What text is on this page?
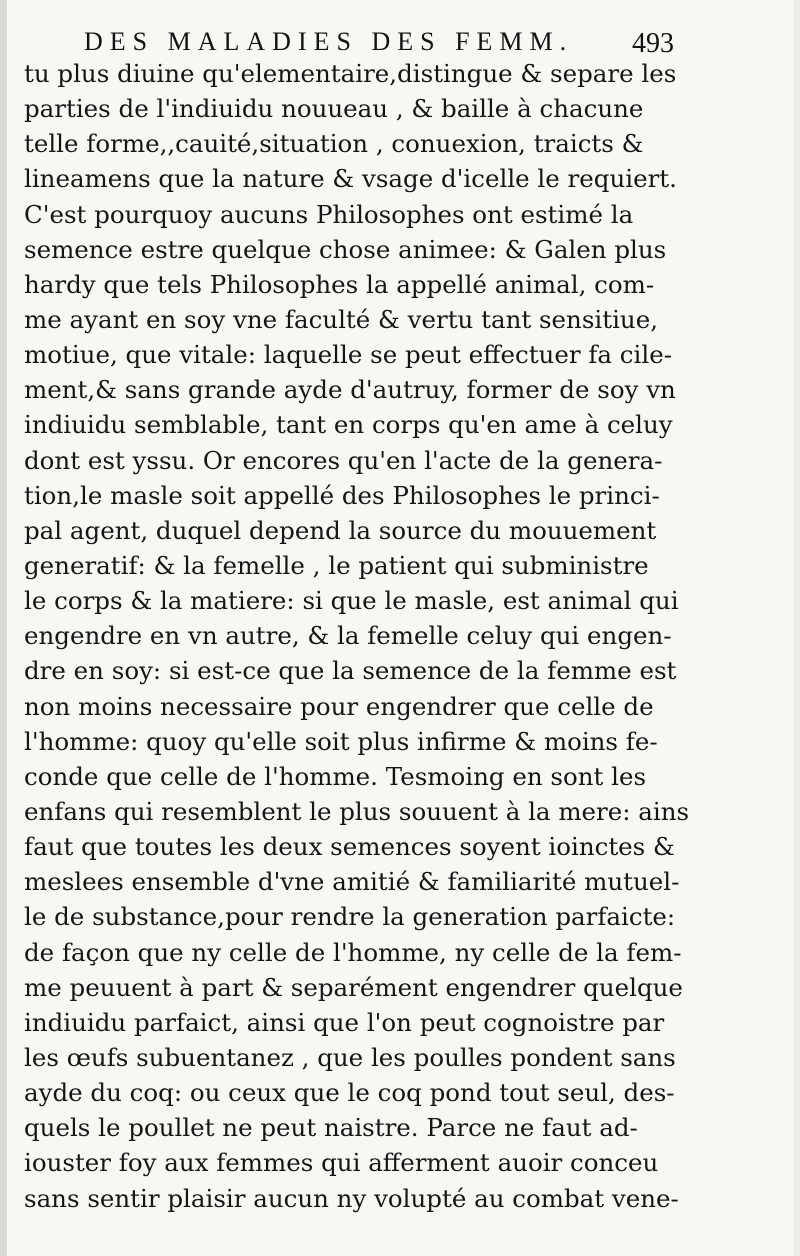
DES MALADIES DES FEMM. 493
tu plus diuine qu'elementaire,distingue & separe les
parties de l'indiuidu nouueau , & baille à chacune
telle forme,,cauité,situation , conuexion, traicts &
lineamens que la nature & vsage d'icelle le requiert.
C'est pourquoy aucuns Philosophes ont estimé la
semence estre quelque chose animee: & Galen plus
hardy que tels Philosophes la appellé animal, com-
me ayant en soy vne faculté & vertu tant sensitiue,
motiue, que vitale: laquelle se peut effectuer fa cile-
ment,& sans grande ayde d'autruy, former de soy vn
indiuidu semblable, tant en corps qu'en ame à celuy
dont est yssu. Or encores qu'en l'acte de la genera-
tion,le masle soit appellé des Philosophes le princi-
pal agent, duquel depend la source du mouuement
generatif: & la femelle , le patient qui subministre
le corps & la matiere: si que le masle, est animal qui
engendre en vn autre, & la femelle celuy qui engen-
dre en soy: si est-ce que la semence de la femme est
non moins necessaire pour engendrer que celle de
l'homme: quoy qu'elle soit plus infirme & moins fe-
conde que celle de l'homme. Tesmoing en sont les
enfans qui resemblent le plus souuent à la mere: ains
faut que toutes les deux semences soyent ioinctes &
meslees ensemble d'vne amitié & familiarité mutuel-
le de substance,pour rendre la generation parfaicte:
de façon que ny celle de l'homme, ny celle de la fem-
me peuuent à part & separément engendrer quelque
indiuidu parfaict, ainsi que l'on peut cognoistre par
les œufs subuentanez , que les poulles pondent sans
ayde du coq: ou ceux que le coq pond tout seul, des-
quels le poullet ne peut naistre. Parce ne faut ad-
iouster foy aux femmes qui afferment auoir conceu
sans sentir plaisir aucun ny volupté au combat vene-
